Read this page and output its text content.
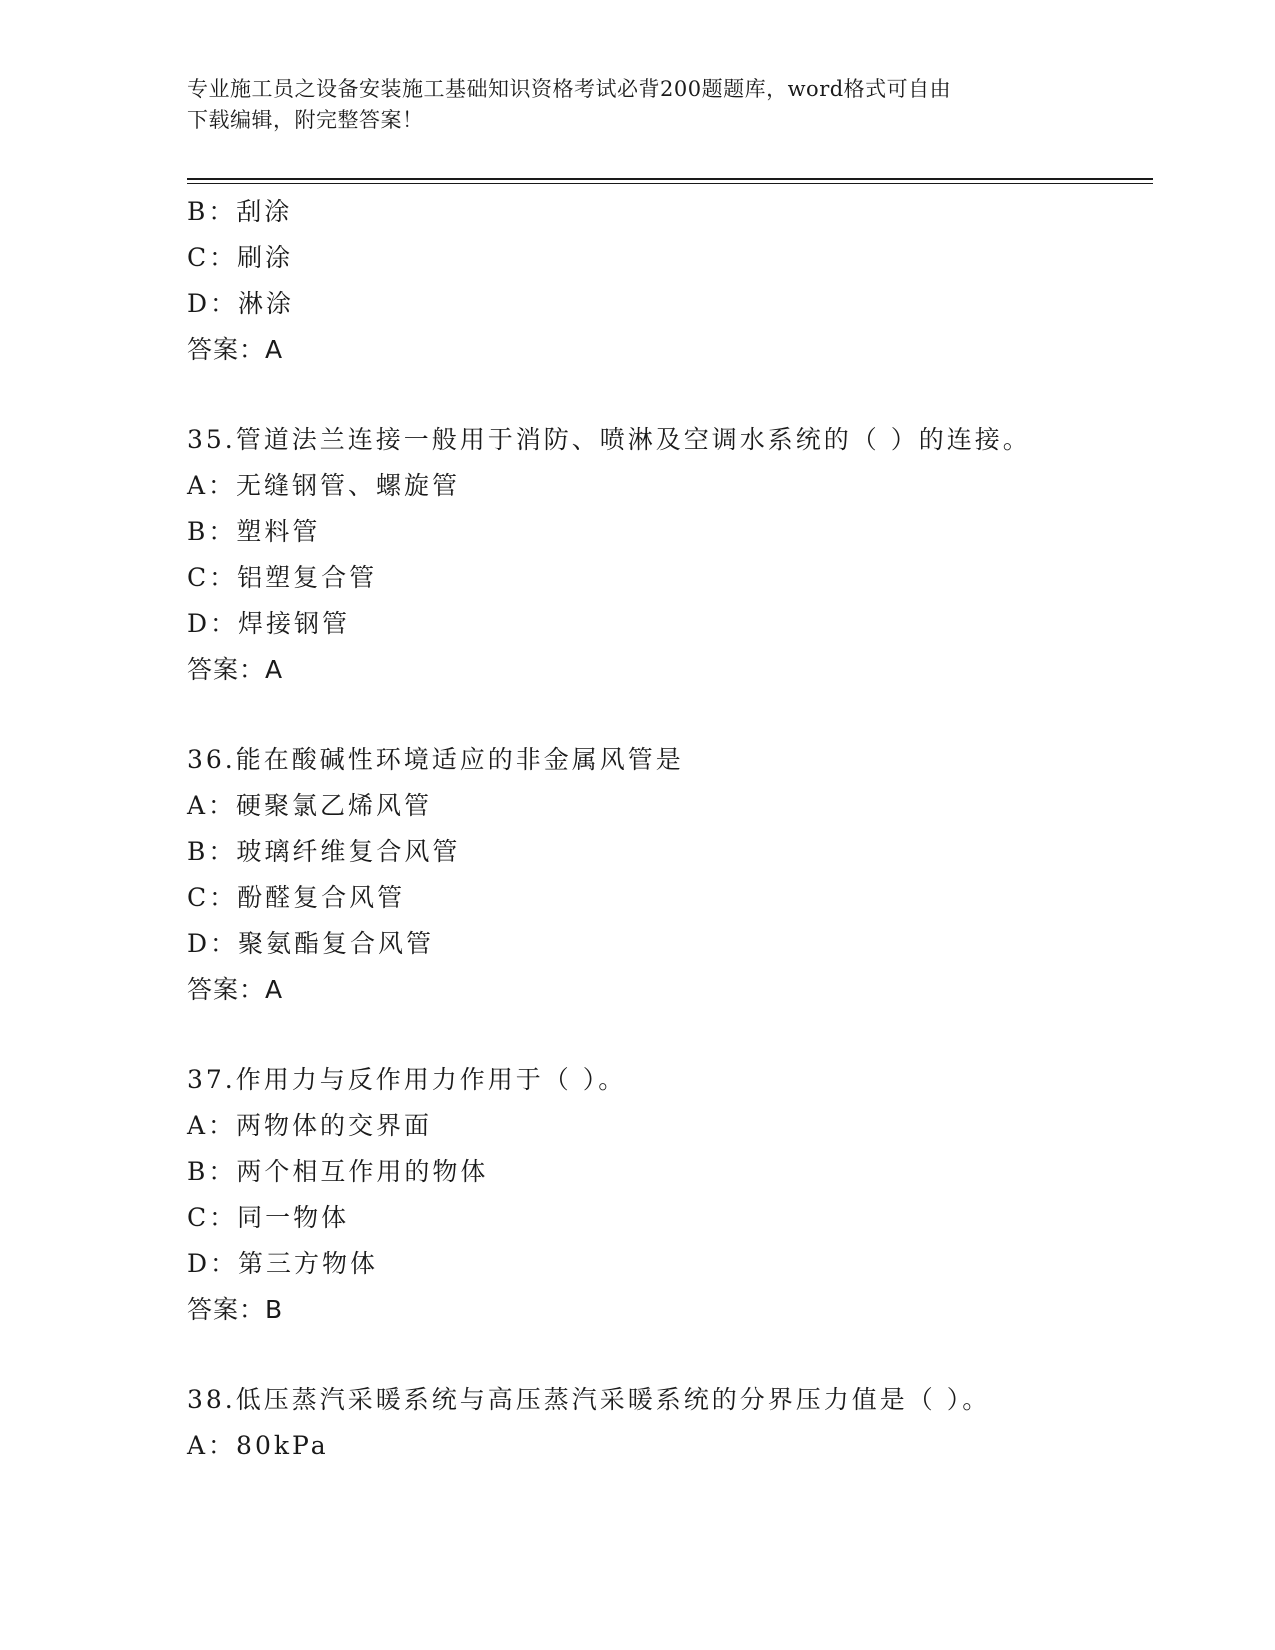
专业施工员之设备安装施工基础知识资格考试必背200题题库，word格式可自由
下载编辑，附完整答案！
B：刮涂
C：刷涂
D：淋涂
答案：A
35.管道法兰连接一般用于消防、喷淋及空调水系统的（ ）的连接。
A：无缝钢管、螺旋管
B：塑料管
C：铝塑复合管
D：焊接钢管
答案：A
36.能在酸碱性环境适应的非金属风管是
A：硬聚氯乙烯风管
B：玻璃纤维复合风管
C：酚醛复合风管
D：聚氨酯复合风管
答案：A
37.作用力与反作用力作用于（ ）。
A：两物体的交界面
B：两个相互作用的物体
C：同一物体
D：第三方物体
答案：B
38.低压蒸汽采暖系统与高压蒸汽采暖系统的分界压力值是（ ）。
A：80kPa
